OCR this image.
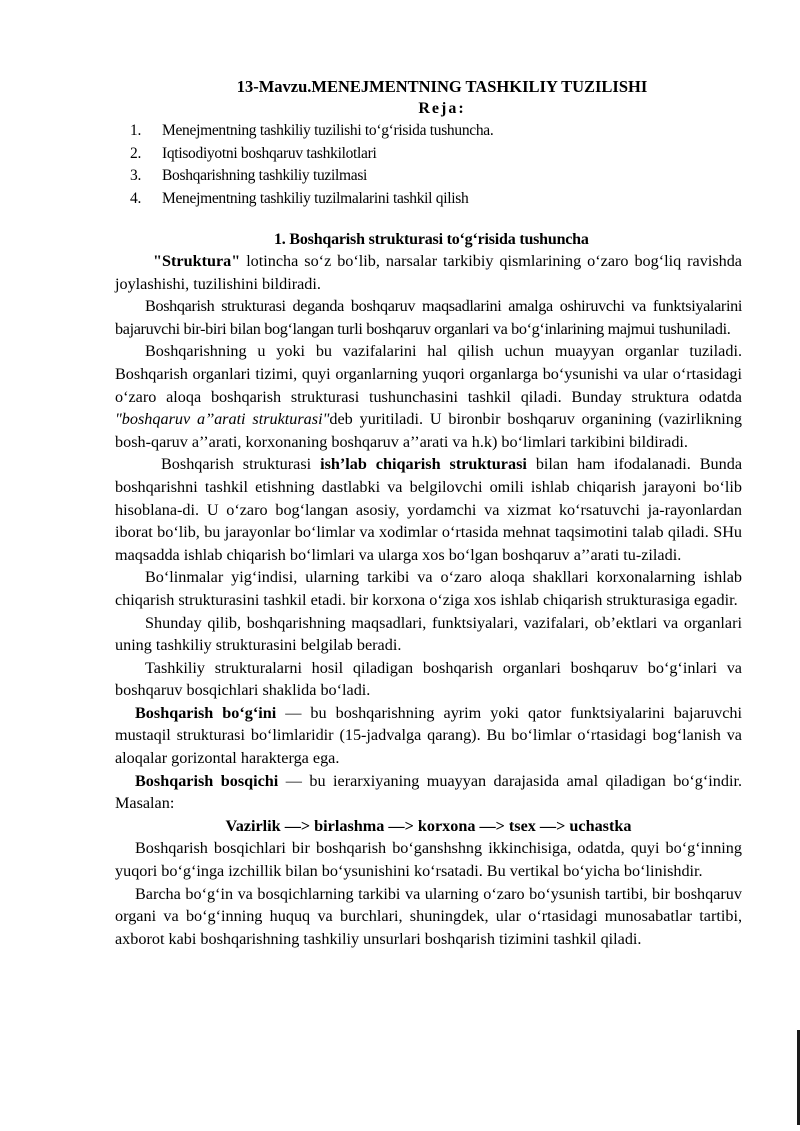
13-Mavzu.MENEJMENTNING TASHKILIY TUZILISHI
Reja:
1. Menejmentning tashkiliy tuzilishi to‘g‘risida tushuncha.
2. Iqtisodiyotni boshqaruv tashkilotlari
3. Boshqarishning tashkiliy tuzilmasi
4. Menejmentning tashkiliy tuzilmalarini tashkil qilish
1. Boshqarish strukturasi to‘g‘risida tushuncha

"Struktura" lotincha so‘z bo‘lib, narsalar tarkibiy qismlarining o‘zaro bog‘liq ravishda joylashishi, tuzilishini bildiradi.

Boshqarish strukturasi deganda boshqaruv maqsadlarini amalga oshiruvchi va funktsiyalarini bajaruvchi bir-biri bilan bog‘langan turli boshqaruv organlari va bo‘g‘inlarining majmui tushuniladi.

Boshqarishning u yoki bu vazifalarini hal qilish uchun muayyan organlar tuziladi. Boshqarish organlari tizimi, quyi organlarning yuqori organlarga bo‘ysunishi va ular o‘rtasidagi o‘zaro aloqa boshqarish strukturasi tushunchasini tashkil qiladi. Bunday struktura odatda "boshqaruv a’’arati strukturasi"deb yuritiladi. U bironbir boshqaruv organining (vazirlikning bosh-qaruv a’’arati, korxonaning boshqaruv a’’arati va h.k) bo‘limlari tarkibini bildiradi.

Boshqarish strukturasi ish’lab chiqarish strukturasi bilan ham ifodalanadi. Bunda boshqarishni tashkil etishning dastlabki va belgilovchi omili ishlab chiqarish jarayoni bo‘lib hisoblana-di. U o‘zaro bog‘langan asosiy, yordamchi va xizmat ko‘rsatuvchi ja-rayonlardan iborat bo‘lib, bu jarayonlar bo‘limlar va xodimlar o‘rtasida mehnat taqsimotini talab qiladi. SHu maqsadda ishlab chiqarish bo‘limlari va ularga xos bo‘lgan boshqaruv a’’arati tu-ziladi.

Bo‘linmalar yig‘indisi, ularning tarkibi va o‘zaro aloqa shakllari korxonalarning ishlab chiqarish strukturasini tashkil etadi. bir korxona o‘ziga xos ishlab chiqarish strukturasiga egadir.

Shunday qilib, boshqarishning maqsadlari, funktsiyalari, vazifalari, ob’ektlari va organlari uning tashkiliy strukturasini belgilab beradi.

Tashkiliy strukturalarni hosil qiladigan boshqarish organlari boshqaruv bo‘g‘inlari va boshqaruv bosqichlari shaklida bo‘ladi.

Boshqarish bo‘g‘ini — bu boshqarishning ayrim yoki qator funktsiyalarini bajaruvchi mustaqil strukturasi bo‘limlaridir (15-jadvalga qarang). Bu bo‘limlar o‘rtasidagi bog‘lanish va aloqalar gorizontal harakterga ega.

Boshqarish bosqichi — bu ierarxiyaning muayyan darajasida amal qiladigan bo‘g‘indir. Masalan:

Vazirlik —> birlashma —> korxona —> tsex —> uchastka

Boshqarish bosqichlari bir boshqarish bo‘ganshshng ikkinchisiga, odatda, quyi bo‘g‘inning yuqori bo‘g‘inga izchillik bilan bo‘ysunishini ko‘rsatadi. Bu vertikal bo‘yicha bo‘linishdir.

Barcha bo‘g‘in va bosqichlarning tarkibi va ularning o‘zaro bo‘ysunish tartibi, bir boshqaruv organi va bo‘g‘inning huquq va burchlari, shuningdek, ular o‘rtasidagi munosabatlar tartibi, axborot kabi boshqarishning tashkiliy unsurlari boshqarish tizimini tashkil qiladi.
